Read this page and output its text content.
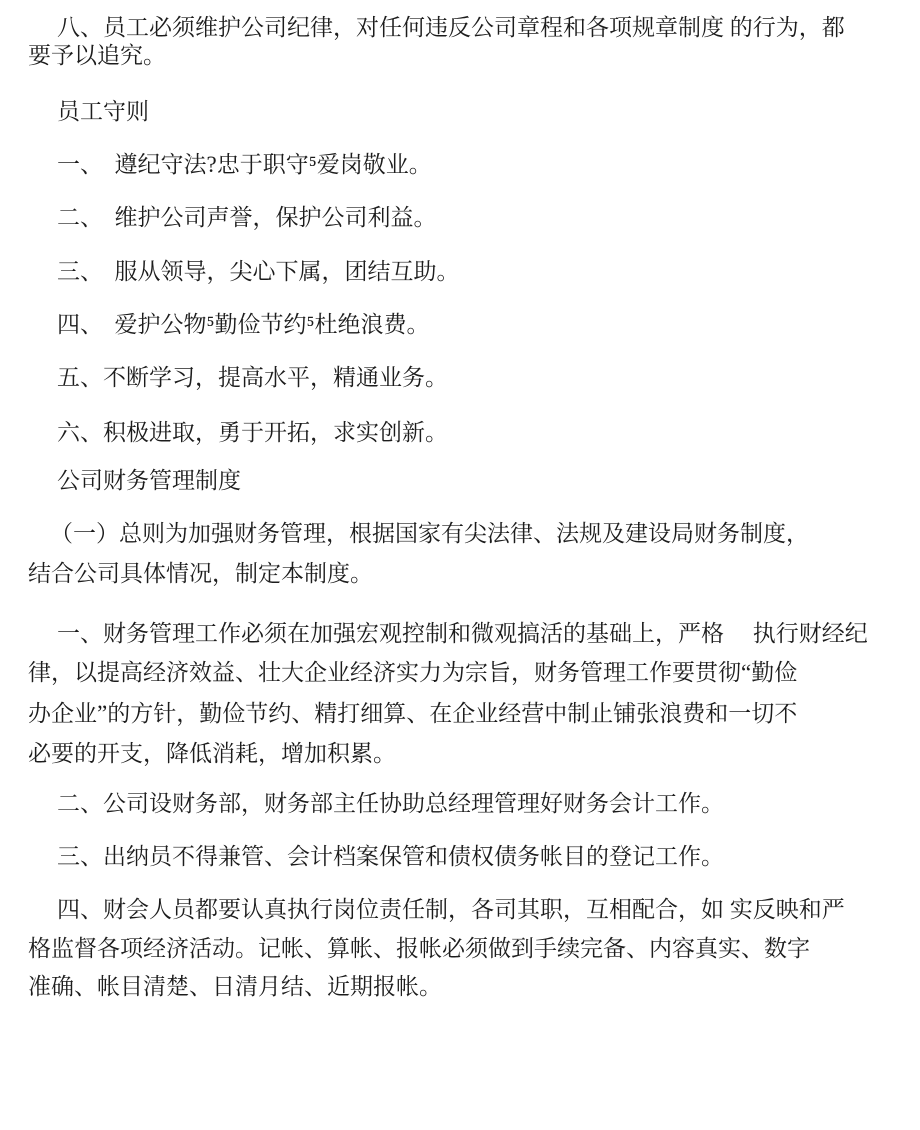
八、员工必须维护公司纪律，对任何违反公司章程和各项规章制度 的行为，都
要予以追究。
员工守则
一、　遵纪守法?忠于职守⁵爱岗敬业。
二、　维护公司声誉，保护公司利益。
三、　服从领导，尖心下属，团结互助。
四、　爱护公物⁵勤俭节约⁵杜绝浪费。
五、不断学习，提高水平，精通业务。
六、积极进取，勇于开拓，求实创新。
公司财务管理制度
（一）总则为加强财务管理，根据国家有尖法律、法规及建设局财务制度，
结合公司具体情况，制定本制度。
一、财务管理工作必须在加强宏观控制和微观搞活的基础上，严格　 执行财经纪
律，以提高经济效益、壮大企业经济实力为宗旨，财务管理工作要贯彻“勤俭
办企业”的方针，勤俭节约、精打细算、在企业经营中制止铺张浪费和一切不
必要的开支，降低消耗，增加积累。
二、公司设财务部，财务部主任协助总经理管理好财务会计工作。
三、出纳员不得兼管、会计档案保管和债权债务帐目的登记工作。
四、财会人员都要认真执行岗位责任制，各司其职，互相配合，如 实反映和严
格监督各项经济活动。记帐、算帐、报帐必须做到手续完备、内容真实、数字
准确、帐目清楚、日清月结、近期报帐。
